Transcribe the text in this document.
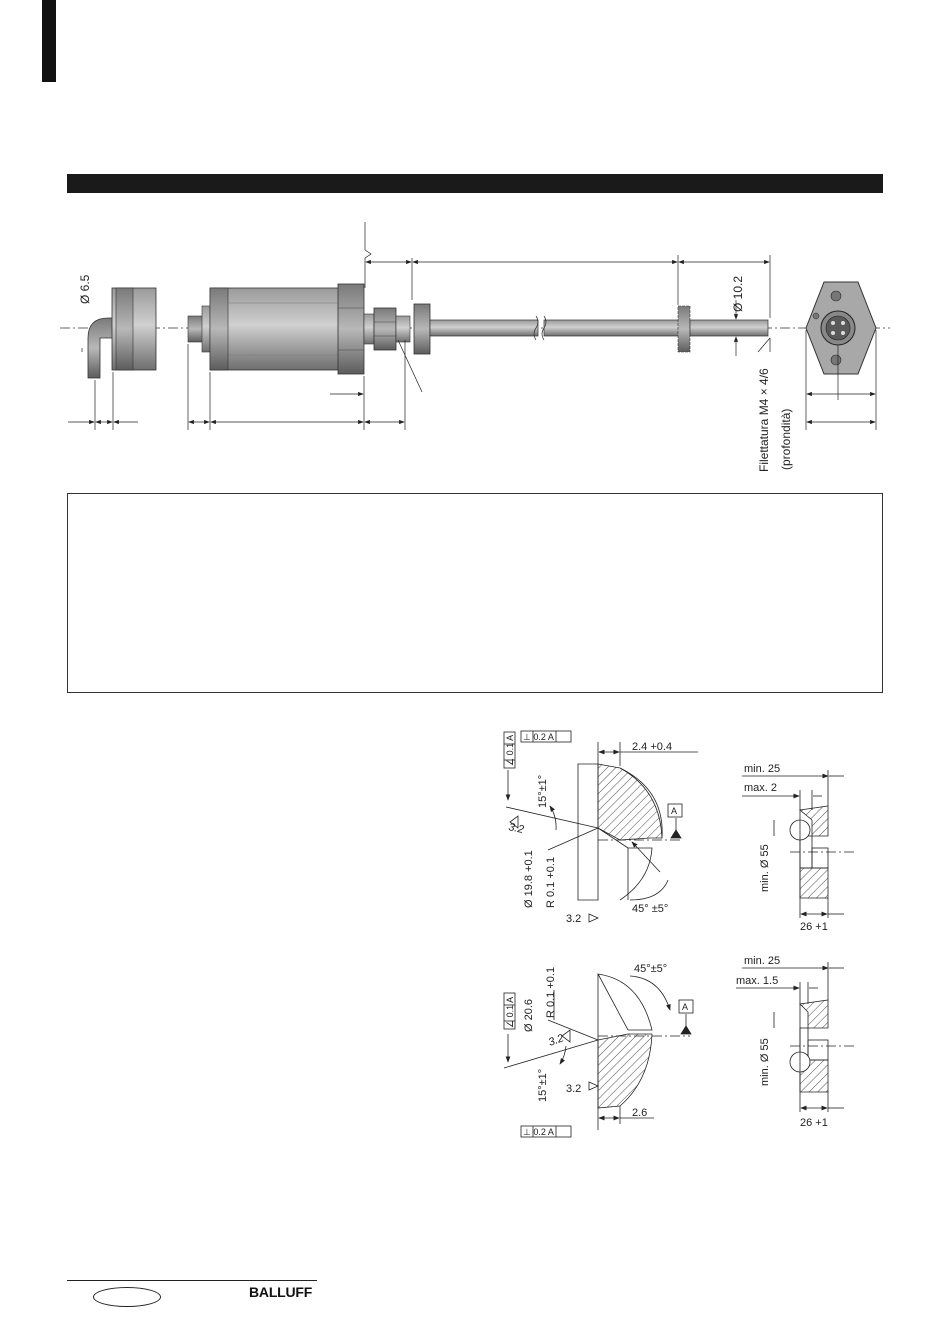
Ø 6.5	Ø 10.2
Filettatura M4 × 4/6 (profondità)
⊥ 0.2 A
∠ 0.1 A	2.4 +0.4
15°±1°
3.2
A
Ø 19.8 +0.1 R 0.1 +0.1
3.2
45° ±5°
45°±5°
R 0.1 +0.1
Ø 20.6
∠ 0.1 A
3.2
15°±1° 3.2
A
2.6
⊥ 0.2 A
min. 25
max. 2
min. Ø 55
26 +1
min. 25
max. 1.5
min. Ø 55
26 +1
BALLUFF
